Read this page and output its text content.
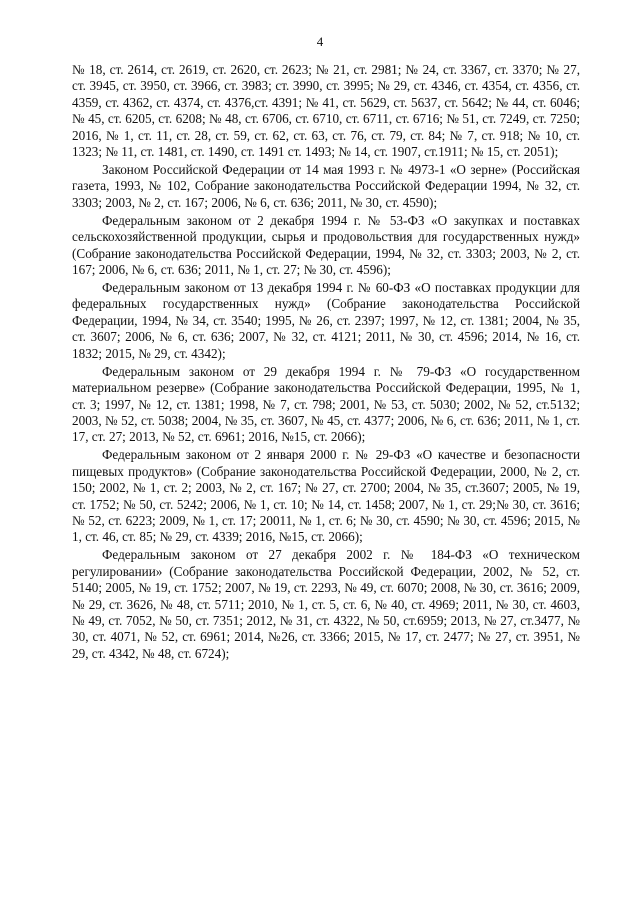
4

№ 18, ст. 2614, ст. 2619, ст. 2620, ст. 2623; № 21, ст. 2981; № 24, ст. 3367, ст. 3370; № 27, ст. 3945, ст. 3950, ст. 3966, ст. 3983; ст. 3990, ст. 3995; № 29, ст. 4346, ст. 4354, ст. 4356, ст. 4359, ст. 4362, ст. 4374, ст. 4376,ст. 4391; № 41, ст. 5629, ст. 5637, ст. 5642; № 44, ст. 6046; № 45, ст. 6205, ст. 6208; № 48, ст. 6706, ст. 6710, ст. 6711, ст. 6716; № 51, ст. 7249, ст. 7250; 2016, № 1, ст. 11, ст. 28, ст. 59, ст. 62, ст. 63, ст. 76, ст. 79, ст. 84; № 7, ст. 918; № 10, ст. 1323; № 11, ст. 1481, ст. 1490, ст. 1491 ст. 1493; № 14, ст. 1907, ст.1911; № 15, ст. 2051);

Законом Российской Федерации от 14 мая 1993 г. № 4973-1 «О зерне» (Российская газета, 1993, № 102, Собрание законодательства Российской Федерации 1994, № 32, ст. 3303; 2003, № 2, ст. 167; 2006, № 6, ст. 636; 2011, № 30, ст. 4590);

Федеральным законом от 2 декабря 1994 г. № 53-ФЗ «О закупках и поставках сельскохозяйственной продукции, сырья и продовольствия для государственных нужд» (Собрание законодательства Российской Федерации, 1994, № 32, ст. 3303; 2003, № 2, ст. 167; 2006, № 6, ст. 636; 2011, № 1, ст. 27; № 30, ст. 4596);

Федеральным законом от 13 декабря 1994 г. № 60-ФЗ «О поставках продукции для федеральных государственных нужд» (Собрание законодательства Российской Федерации, 1994, № 34, ст. 3540; 1995, № 26, ст. 2397; 1997, № 12, ст. 1381; 2004, № 35, ст. 3607; 2006, № 6, ст. 636; 2007, № 32, ст. 4121; 2011, № 30, ст. 4596; 2014, № 16, ст. 1832; 2015, № 29, ст. 4342);

Федеральным законом от 29 декабря 1994 г. № 79-ФЗ «О государственном материальном резерве» (Собрание законодательства Российской Федерации, 1995, № 1, ст. 3; 1997, № 12, ст. 1381; 1998, № 7, ст. 798; 2001, № 53, ст. 5030; 2002, № 52, ст.5132; 2003, № 52, ст. 5038; 2004, № 35, ст. 3607, № 45, ст. 4377; 2006, № 6, ст. 636; 2011, № 1, ст. 17, ст. 27; 2013, № 52, ст. 6961; 2016, №15, ст. 2066);

Федеральным законом от 2 января 2000 г. № 29-ФЗ «О качестве и безопасности пищевых продуктов» (Собрание законодательства Российской Федерации, 2000, № 2, ст. 150; 2002, № 1, ст. 2; 2003, № 2, ст. 167; № 27, ст. 2700; 2004, № 35, ст.3607; 2005, № 19, ст. 1752; № 50, ст. 5242; 2006, № 1, ст. 10; № 14, ст. 1458; 2007, № 1, ст. 29;№ 30, ст. 3616; № 52, ст. 6223; 2009, № 1, ст. 17; 20011, № 1, ст. 6; № 30, ст. 4590; № 30, ст. 4596; 2015, № 1, ст. 46, ст. 85; № 29, ст. 4339; 2016, №15, ст. 2066);

Федеральным законом от 27 декабря 2002 г. № 184-ФЗ «О техническом регулировании» (Собрание законодательства Российской Федерации, 2002, № 52, ст. 5140; 2005, № 19, ст. 1752; 2007, № 19, ст. 2293, № 49, ст. 6070; 2008, № 30, ст. 3616; 2009, № 29, ст. 3626, № 48, ст. 5711; 2010, № 1, ст. 5, ст. 6, № 40, ст. 4969; 2011, № 30, ст. 4603, № 49, ст. 7052, № 50, ст. 7351; 2012, № 31, ст. 4322, № 50, ст.6959; 2013, № 27, ст.3477, № 30, ст. 4071, № 52, ст. 6961; 2014, №26, ст. 3366; 2015, № 17, ст. 2477; № 27, ст. 3951, № 29, ст. 4342, № 48, ст. 6724);
